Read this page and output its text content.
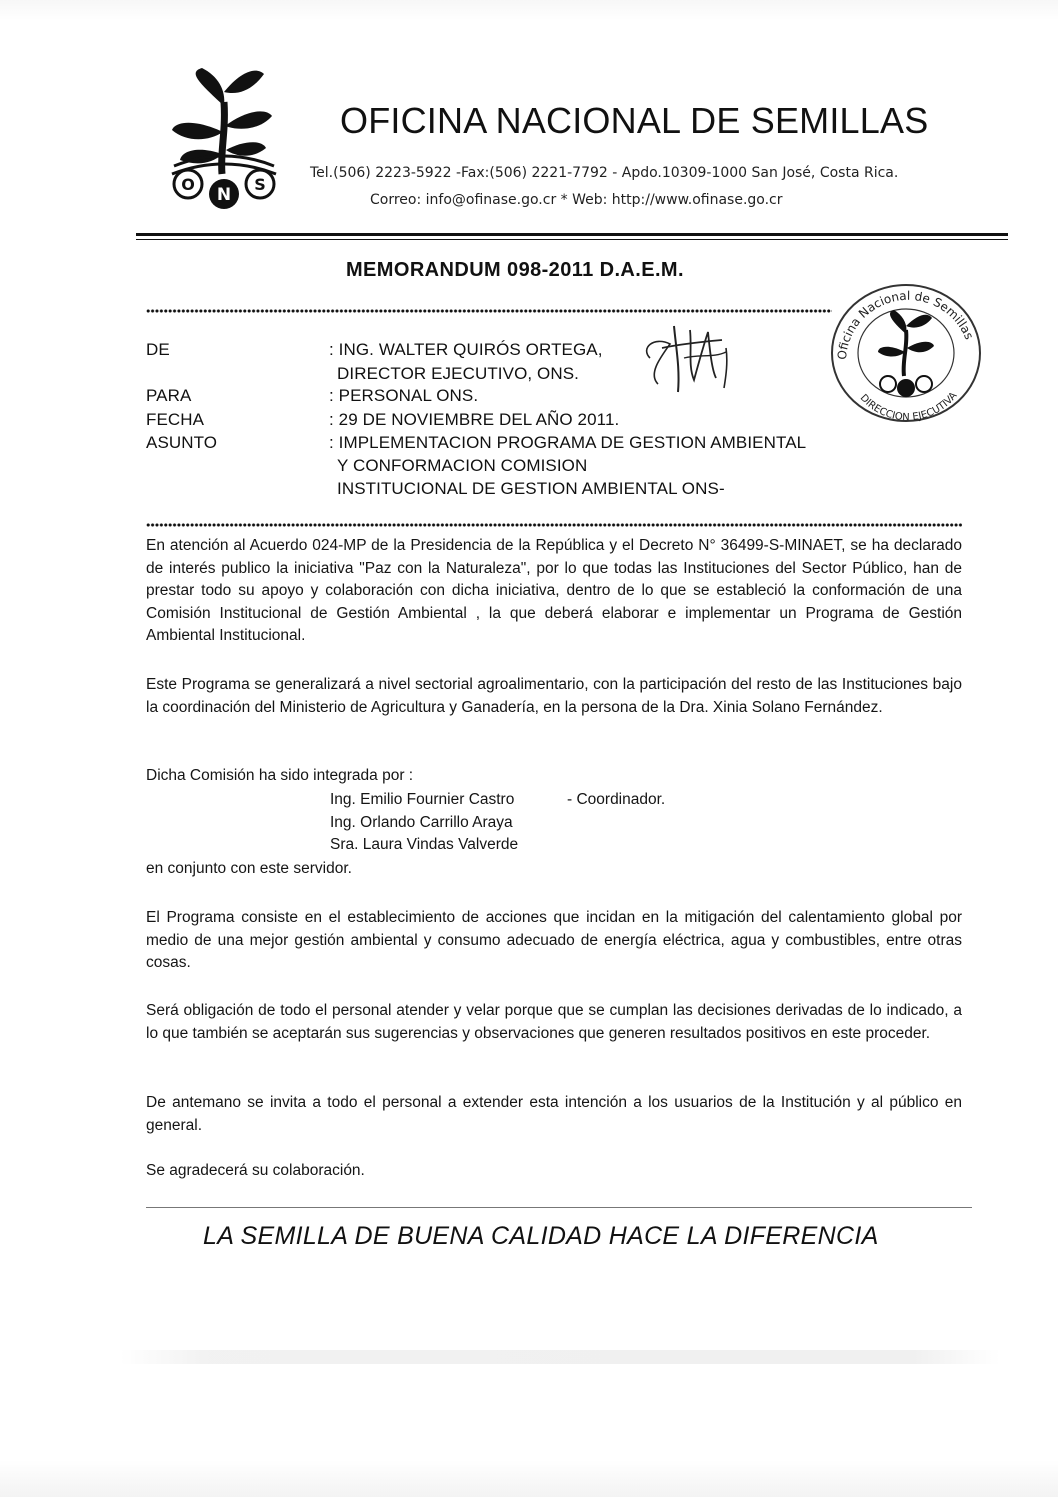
O
N
S
OFICINA NACIONAL DE SEMILLAS
Tel.(506) 2223-5922 -Fax:(506) 2221-7792 - Apdo.10309-1000 San José, Costa Rica.
Correo: info@ofinase.go.cr * Web: http://www.ofinase.go.cr
MEMORANDUM 098-2011 D.A.E.M.
DE	: ING. WALTER QUIRÓS ORTEGA,
DIRECTOR EJECUTIVO, ONS.
PARA	: PERSONAL ONS.
FECHA	: 29 DE NOVIEMBRE DEL AÑO 2011.
ASUNTO	: IMPLEMENTACION PROGRAMA DE GESTION AMBIENTAL
Y CONFORMACION COMISION
INSTITUCIONAL DE GESTION AMBIENTAL ONS-
Oficina Nacional de Semillas
DIRECCION EJECUTIVA
En atención al Acuerdo 024-MP de la Presidencia de la República y el Decreto N° 36499-S-MINAET, se ha declarado de interés publico la iniciativa "Paz con la Naturaleza", por lo que todas las Instituciones del Sector Público, han de prestar todo su apoyo y colaboración con dicha iniciativa, dentro de lo que se estableció la conformación de una Comisión Institucional de Gestión Ambiental , la que deberá elaborar e implementar un Programa de Gestión Ambiental Institucional.
Este Programa se generalizará a nivel sectorial agroalimentario, con la participación del resto de las Instituciones bajo la coordinación del Ministerio de Agricultura y Ganadería, en la persona de la Dra. Xinia Solano Fernández.
Dicha Comisión ha sido integrada por :
Ing. Emilio Fournier Castro	- Coordinador.
Ing. Orlando Carrillo Araya
Sra. Laura Vindas Valverde
en conjunto con este servidor.
El Programa consiste en el establecimiento de acciones que incidan en la mitigación del calentamiento global por medio de una mejor gestión ambiental y consumo adecuado de energía eléctrica, agua y combustibles, entre otras cosas.
Será obligación de todo el personal atender y velar porque que se cumplan las decisiones derivadas de lo indicado, a lo que también se aceptarán sus sugerencias y observaciones que generen resultados positivos en este proceder.
De antemano se invita a todo el personal a extender esta intención a los usuarios de la Institución y al público en general.
Se agradecerá su colaboración.
LA SEMILLA DE BUENA CALIDAD HACE LA DIFERENCIA
